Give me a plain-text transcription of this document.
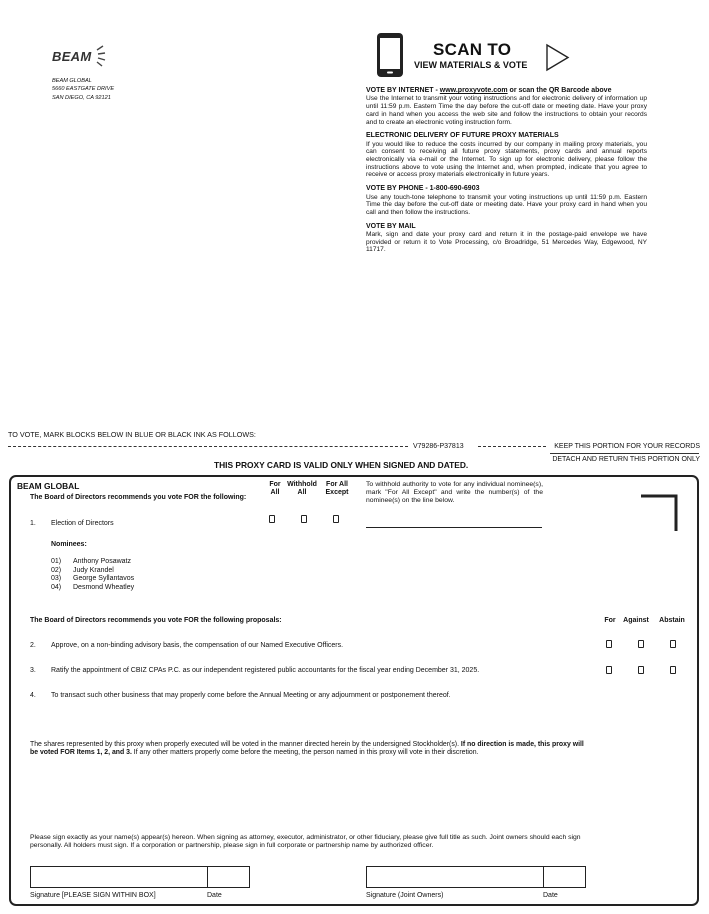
BEAM
BEAM GLOBAL
5660 EASTGATE DRIVE
SAN DIEGO, CA 92121
SCAN TO
VIEW MATERIALS & VOTE
VOTE BY INTERNET - www.proxyvote.com or scan the QR Barcode above
Use the Internet to transmit your voting instructions and for electronic delivery of information up until 11:59 p.m. Eastern Time the day before the cut-off date or meeting date. Have your proxy card in hand when you access the web site and follow the instructions to obtain your records and to create an electronic voting instruction form.
ELECTRONIC DELIVERY OF FUTURE PROXY MATERIALS
If you would like to reduce the costs incurred by our company in mailing proxy materials, you can consent to receiving all future proxy statements, proxy cards and annual reports electronically via e-mail or the Internet. To sign up for electronic delivery, please follow the instructions above to vote using the Internet and, when prompted, indicate that you agree to receive or access proxy materials electronically in future years.
VOTE BY PHONE - 1-800-690-6903
Use any touch-tone telephone to transmit your voting instructions up until 11:59 p.m. Eastern Time the day before the cut-off date or meeting date. Have your proxy card in hand when you call and then follow the instructions.
VOTE BY MAIL
Mark, sign and date your proxy card and return it in the postage-paid envelope we have provided or return it to Vote Processing, c/o Broadridge, 51 Mercedes Way, Edgewood, NY 11717.
TO VOTE, MARK BLOCKS BELOW IN BLUE OR BLACK INK AS FOLLOWS:
V79286-P37813	KEEP THIS PORTION FOR YOUR RECORDS
DETACH AND RETURN THIS PORTION ONLY
THIS PROXY CARD IS VALID ONLY WHEN SIGNED AND DATED.
BEAM GLOBAL
The Board of Directors recommends you vote FOR the following:
For
All
Withhold
All
For All
Except
To withhold authority to vote for any individual nominee(s), mark "For All Except" and write the number(s) of the nominee(s) on the line below.
1. Election of Directors
Nominees:
01) Anthony Posawatz
02) Judy Krandel
03) George Syllantavos
04) Desmond Wheatley
The Board of Directors recommends you vote FOR the following proposals:	For	Against	Abstain
2. Approve, on a non-binding advisory basis, the compensation of our Named Executive Officers.
3. Ratify the appointment of CBIZ CPAs P.C. as our independent registered public accountants for the fiscal year ending December 31, 2025.
4. To transact such other business that may properly come before the Annual Meeting or any adjournment or postponement thereof.
The shares represented by this proxy when properly executed will be voted in the manner directed herein by the undersigned Stockholder(s). If no direction is made, this proxy will be voted FOR Items 1, 2, and 3. If any other matters properly come before the meeting, the person named in this proxy will vote in their discretion.
Please sign exactly as your name(s) appear(s) hereon. When signing as attorney, executor, administrator, or other fiduciary, please give full title as such. Joint owners should each sign personally. All holders must sign. If a corporation or partnership, please sign in full corporate or partnership name by authorized officer.
Signature [PLEASE SIGN WITHIN BOX]	Date	Signature (Joint Owners)	Date
